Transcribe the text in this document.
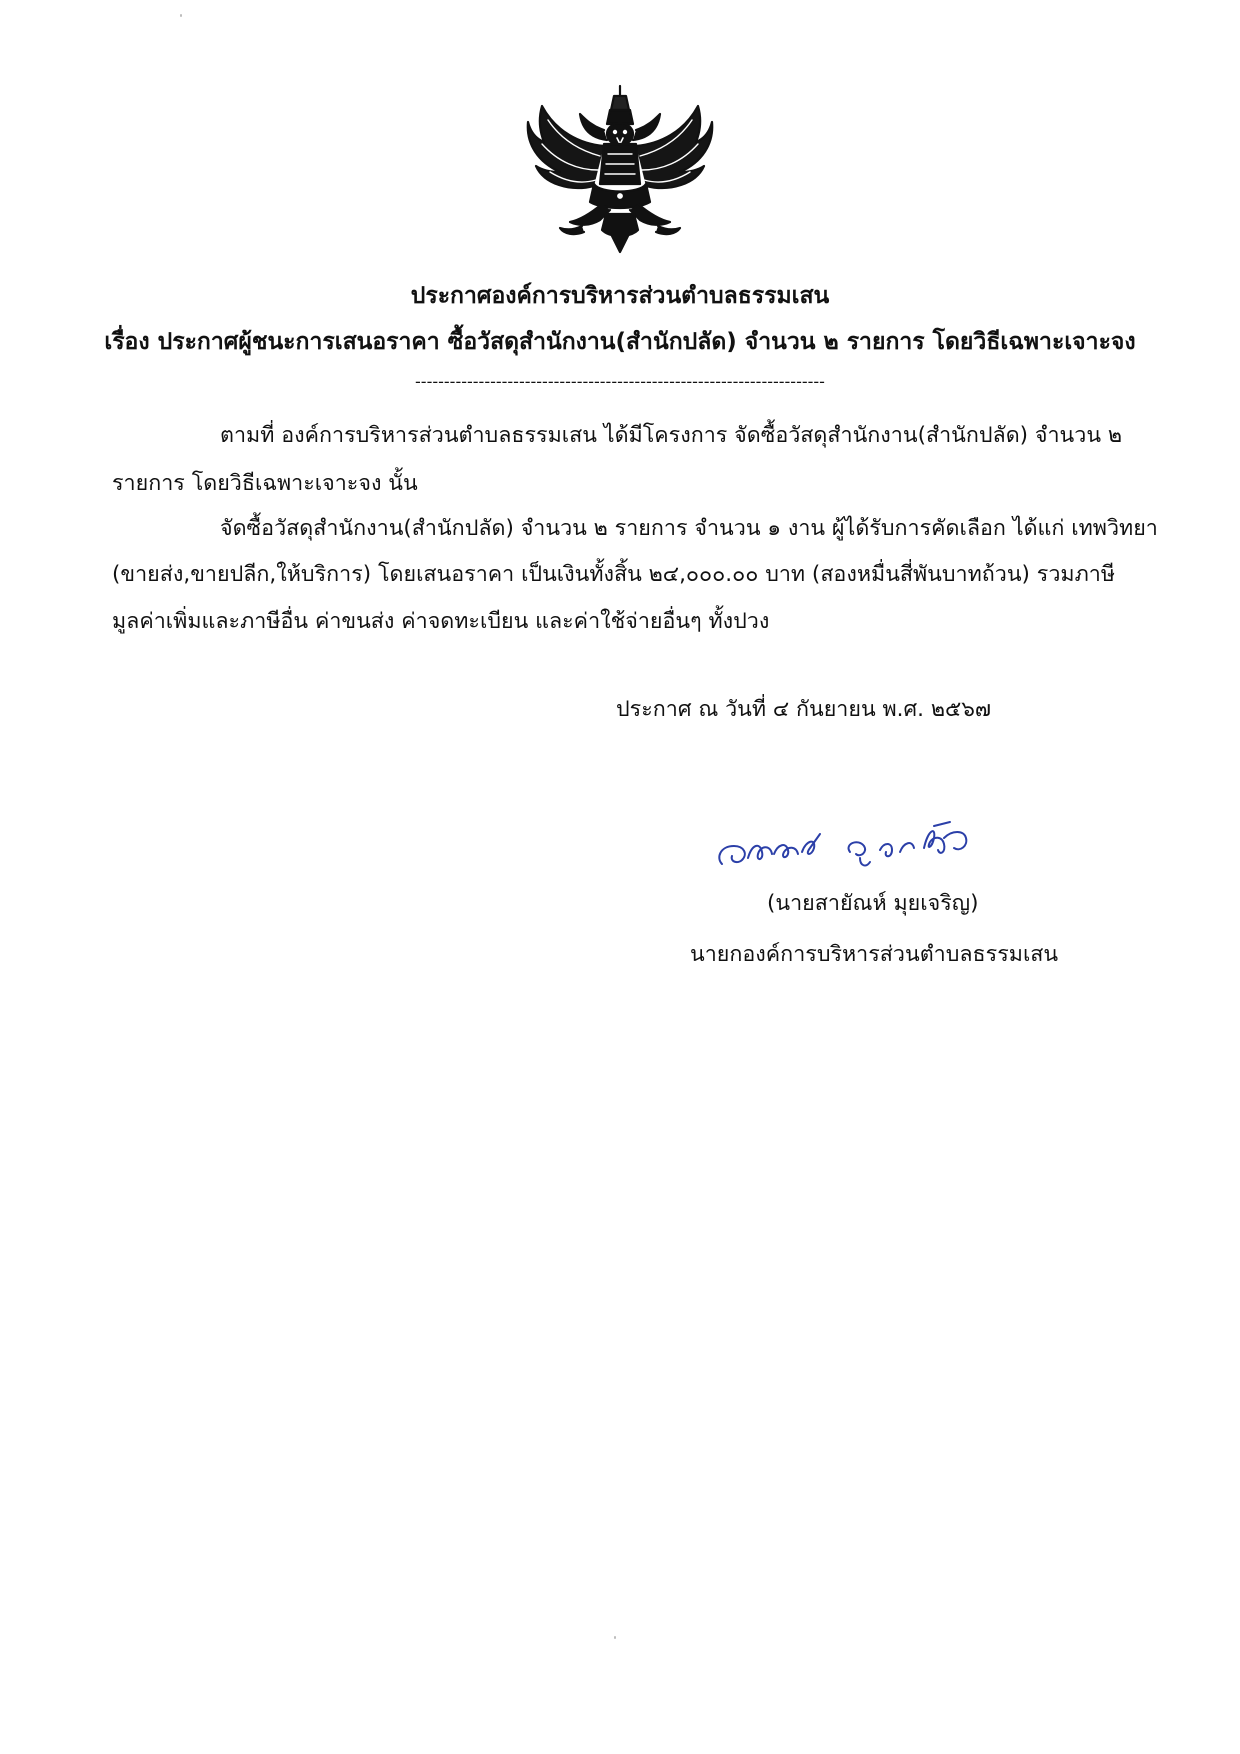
ประกาศองค์การบริหารส่วนตำบลธรรมเสน
เรื่อง ประกาศผู้ชนะการเสนอราคา ซื้อวัสดุสำนักงาน(สำนักปลัด) จำนวน ๒ รายการ โดยวิธีเฉพาะเจาะจง
-----------------------------------------------------------------------
ตามที่ องค์การบริหารส่วนตำบลธรรมเสน ได้มีโครงการ จัดซื้อวัสดุสำนักงาน(สำนักปลัด) จำนวน ๒
รายการ โดยวิธีเฉพาะเจาะจง นั้น
จัดซื้อวัสดุสำนักงาน(สำนักปลัด) จำนวน ๒ รายการ จำนวน ๑ งาน ผู้ได้รับการคัดเลือก ได้แก่ เทพวิทยา
(ขายส่ง,ขายปลีก,ให้บริการ) โดยเสนอราคา เป็นเงินทั้งสิ้น ๒๔,๐๐๐.๐๐ บาท (สองหมื่นสี่พันบาทถ้วน) รวมภาษี
มูลค่าเพิ่มและภาษีอื่น ค่าขนส่ง ค่าจดทะเบียน และค่าใช้จ่ายอื่นๆ ทั้งปวง
ประกาศ ณ วันที่ ๔ กันยายน พ.ศ. ๒๕๖๗
(นายสายัณห์ มุยเจริญ)
นายกองค์การบริหารส่วนตำบลธรรมเสน
